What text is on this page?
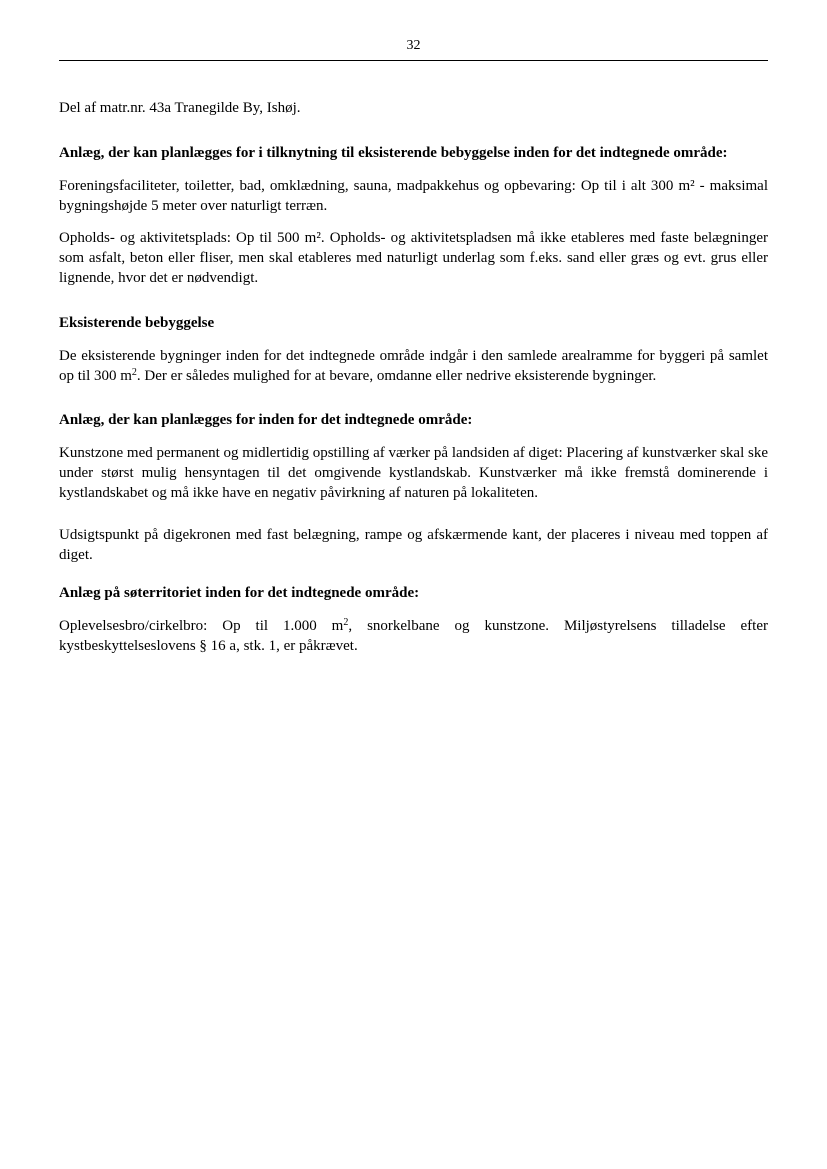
32

Del af matr.nr. 43a Tranegilde By, Ishøj.

Anlæg, der kan planlægges for i tilknytning til eksisterende bebyggelse inden for det indtegnede område:

Foreningsfaciliteter, toiletter, bad, omklædning, sauna, madpakkehus og opbevaring: Op til i alt 300 m² - maksimal bygningshøjde 5 meter over naturligt terræn.

Opholds- og aktivitetsplads: Op til 500 m². Opholds- og aktivitetspladsen må ikke etableres med faste belægninger som asfalt, beton eller fliser, men skal etableres med naturligt underlag som f.eks. sand eller græs og evt. grus eller lignende, hvor det er nødvendigt.

Eksisterende bebyggelse

De eksisterende bygninger inden for det indtegnede område indgår i den samlede arealramme for byggeri på samlet op til 300 $m^2$. Der er således mulighed for at bevare, omdanne eller nedrive eksisterende bygninger.

Anlæg, der kan planlægges for inden for det indtegnede område:

Kunstzone med permanent og midlertidig opstilling af værker på landsiden af diget: Placering af kunstværker skal ske under størst mulig hensyntagen til det omgivende kystlandskab. Kunstværker må ikke fremstå dominerende i kystlandskabet og må ikke have en negativ påvirkning af naturen på lokaliteten.

Udsigtspunkt på digekronen med fast belægning, rampe og afskærmende kant, der placeres i niveau med toppen af diget.

Anlæg på søterritoriet inden for det indtegnede område:

Oplevelsesbro/cirkelbro: Op til 1.000 $m^2$, snorkelbane og kunstzone. Miljøstyrelsens tilladelse efter kystbeskyttelseslovens § 16 a, stk. 1, er påkrævet.
